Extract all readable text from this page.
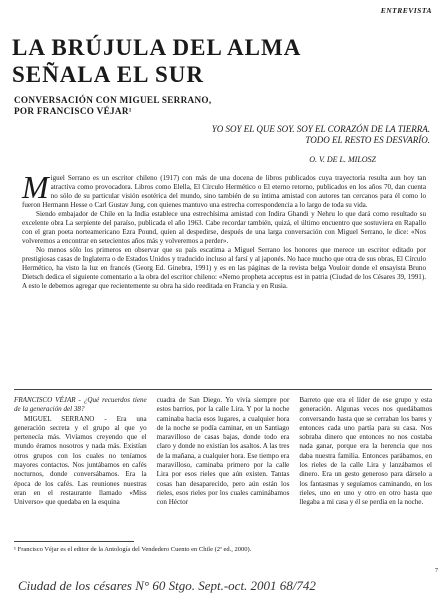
ENTREVISTA
LA BRÚJULA DEL ALMA
SEÑALA EL SUR
CONVERSACIÓN CON MIGUEL SERRANO,
POR FRANCISCO VÉJAR¹
YO SOY EL QUE SOY. SOY EL CORAZÓN DE LA TIERRA.
TODO EL RESTO ES DESVARÍO.
O. V. DE L. MILOSZ

Miguel Serrano es un escritor chileno (1917) con más de una docena de libros publicados cuya trayectoria resulta aun hoy tan atractiva como provocadora. Libros como Elella, El Círculo Hermético o El eterno retorno, publicados en los años 70, dan cuenta no sólo de su particular visión esotérica del mundo, sino también de su íntima amistad con autores tan cercanos para él como lo fueron Hermann Hesse o Carl Gustav Jung, con quienes mantuvo una estrecha correspondencia a lo largo de toda su vida.

Siendo embajador de Chile en la India establece una estrechísima amistad con Indira Ghandi y Nehru lo que dará como resultado su excelente obra La serpiente del paraíso, publicada el año 1963. Cabe recordar también, quizá, el último encuentro que sostuviera en Rapallo con el gran poeta norteamericano Ezra Pound, quien al despedirse, después de una larga conversación con Miguel Serrano, le dice: «Nos volveremos a encontrar en setecientos años más y volveremos a perder».

No menos sólo los primeros en observar que su país escatima a Miguel Serrano los honores que merece un escritor editado por prestigiosas casas de Inglaterra o de Estados Unidos y traducido incluso al farsí y al japonés. No hace mucho que otra de sus obras, El Círculo Hermético, ha visto la luz en francés (Georg Ed. Ginebra, 1991) y es en las páginas de la revista belga Vouloir donde el ensayista Bruno Dietsch dedica el siguiente comentario a la obra del escritor chileno: «Nemo propheta acceptus est in patria (Ciudad de los Césares 39, 1991). A esto le debemos agregar que recientemente su obra ha sido reeditada en Francia y en Rusia.

FRANCISCO VÉJAR - ¿Qué recuerdos tiene de la generación del 38?

MIGUEL SERRANO - Era una generación secreta y el grupo al que yo pertenecía más. Vivíamos creyendo que el mundo éramos nosotros y nada más. Existían otros grupos con los cuales no teníamos mayores contactos. Nos juntábamos en cafés nocturnos, donde conversábamos. Era la época de los cafés. Las reuniones nuestras eran en el restaurante llamado «Miss Universo» que quedaba en la esquina

cuadra de San Diego. Yo vivía siempre por estos barrios, por la calle Lira. Y por la noche caminaba hacia esos lugares, a cualquier hora de la noche se podía caminar, en un Santiago maravilloso de casas bajas, donde todo era claro y donde no existían los asaltos. A las tres de la mañana, a cualquier hora. Ese tiempo era maravilloso, caminaba primero por la calle Lira por esos rieles que aún existen. Tantas cosas han desaparecido, pero aún están los rieles, esos rieles por los cuales caminábamos con Héctor

Barreto que era el líder de ese grupo y esta generación. Algunas veces nos quedábamos conversando hasta que se cerraban los bares y entonces cada uno partía para su casa. Nos sobraba dinero que entonces no nos costaba nada ganar, porque era la herencia que nos daba nuestra familia. Entonces parábamos, en los rieles de la calle Lira y lanzábamos el dinero. Era un gesto generoso para dárselo a los fantasmas y seguíamos caminando, en los rieles, uno en uno y otro en otro hasta que llegaba a mi casa y él se perdía en la noche.

¹ Francisco Véjar es el editor de la Antología del Vendedero Cuento en Chile (2ª ed., 2000).
7
Ciudad de los césares N° 60 Stgo. Sept.-oct. 2001 68/742
